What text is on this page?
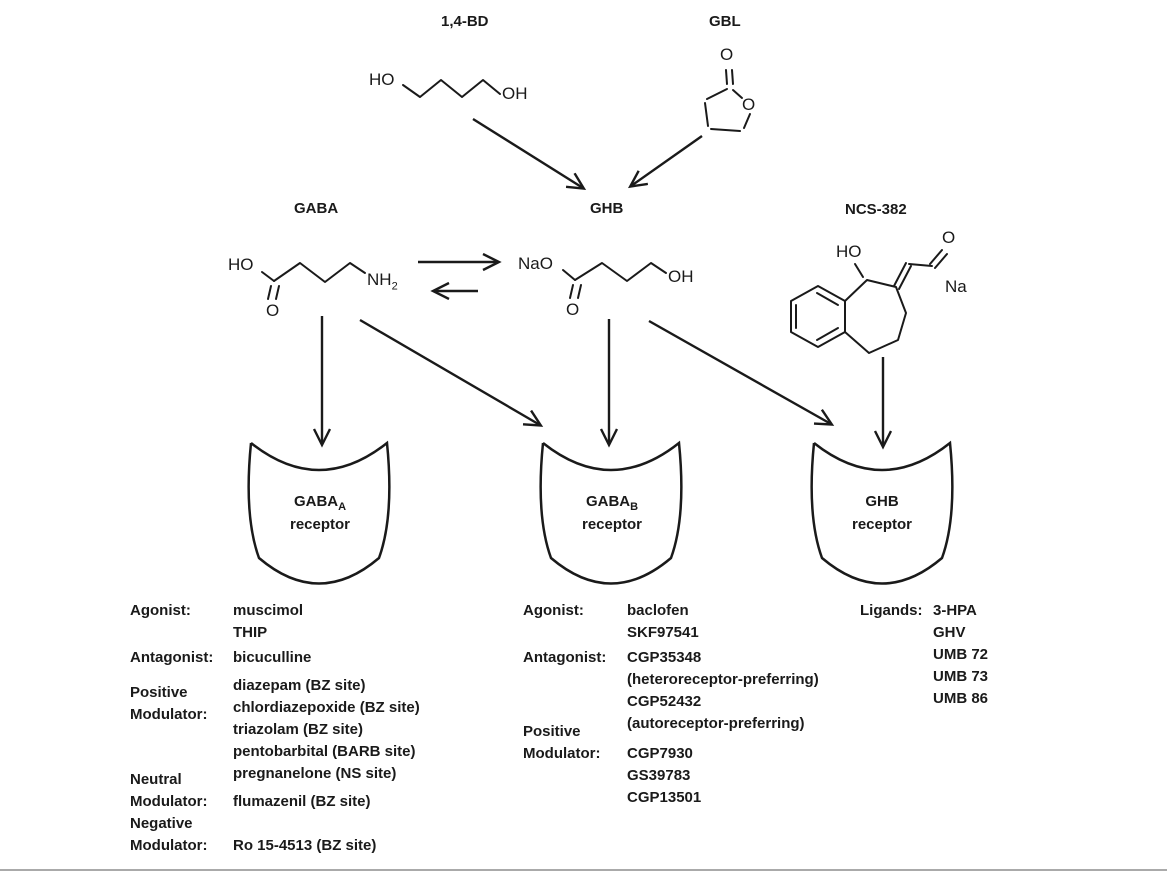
1,4-BD	GBL
GABA	GHB	NCS-382
HO
OH
O
O
HO
O
$NH_2$
NaO
O
OH
HO
O
Na
$GABA_A$
receptor
$GABA_B$
receptor
GHB
receptor
Agonist:	muscimol
THIP
Antagonist: bicuculline
Positive
Modulator:
diazepam (BZ site)
chlordiazepoxide (BZ site)
triazolam (BZ site)
pentobarbital (BARB site)
pregnanelone (NS site)
Neutral
Modulator: flumazenil (BZ site)
Negative
Modulator: Ro 15-4513 (BZ site)
Agonist:	baclofen
SKF97541
Antagonist: CGP35348
(heteroreceptor-preferring)
CGP52432
(autoreceptor-preferring)
Positive
Modulator: CGP7930
GS39783
CGP13501
Ligands: 3-HPA
GHV
UMB 72
UMB 73
UMB 86
